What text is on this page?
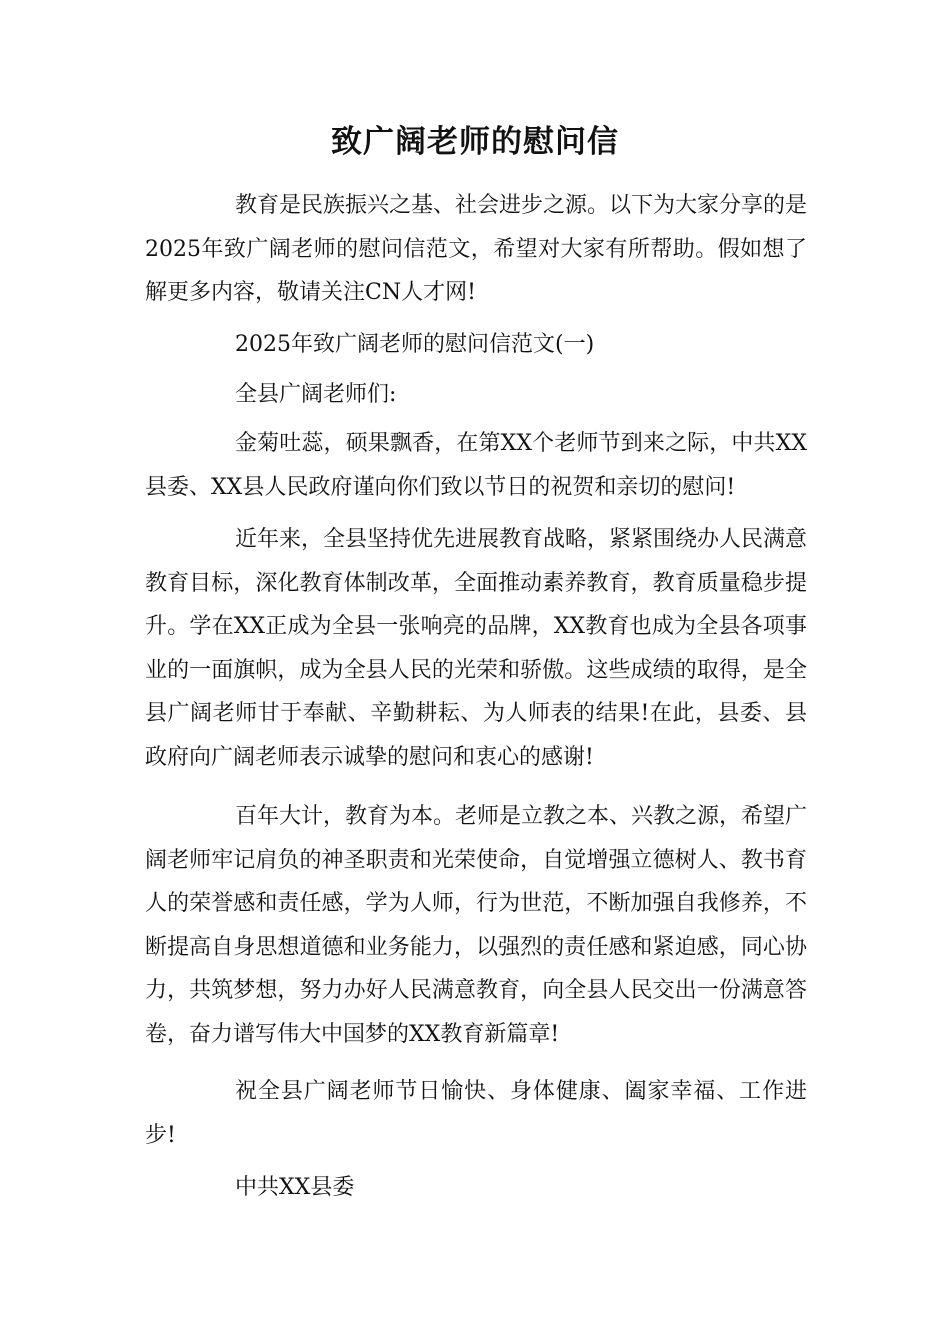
致广阔老师的慰问信

教育是民族振兴之基、社会进步之源。以下为大家分享的是2025年致广阔老师的慰问信范文，希望对大家有所帮助。假如想了解更多内容，敬请关注CN人才网!

2025年致广阔老师的慰问信范文(一)

全县广阔老师们:

金菊吐蕊，硕果飘香，在第XX个老师节到来之际，中共XX县委、XX县人民政府谨向你们致以节日的祝贺和亲切的慰问!

近年来，全县坚持优先进展教育战略，紧紧围绕办人民满意教育目标，深化教育体制改革，全面推动素养教育，教育质量稳步提升。学在XX正成为全县一张响亮的品牌，XX教育也成为全县各项事业的一面旗帜，成为全县人民的光荣和骄傲。这些成绩的取得，是全县广阔老师甘于奉献、辛勤耕耘、为人师表的结果!在此，县委、县政府向广阔老师表示诚挚的慰问和衷心的感谢!

百年大计，教育为本。老师是立教之本、兴教之源，希望广阔老师牢记肩负的神圣职责和光荣使命，自觉增强立德树人、教书育人的荣誉感和责任感，学为人师，行为世范，不断加强自我修养，不断提高自身思想道德和业务能力，以强烈的责任感和紧迫感，同心协力，共筑梦想，努力办好人民满意教育，向全县人民交出一份满意答卷，奋力谱写伟大中国梦的XX教育新篇章!

祝全县广阔老师节日愉快、身体健康、阖家幸福、工作进步!

中共XX县委
